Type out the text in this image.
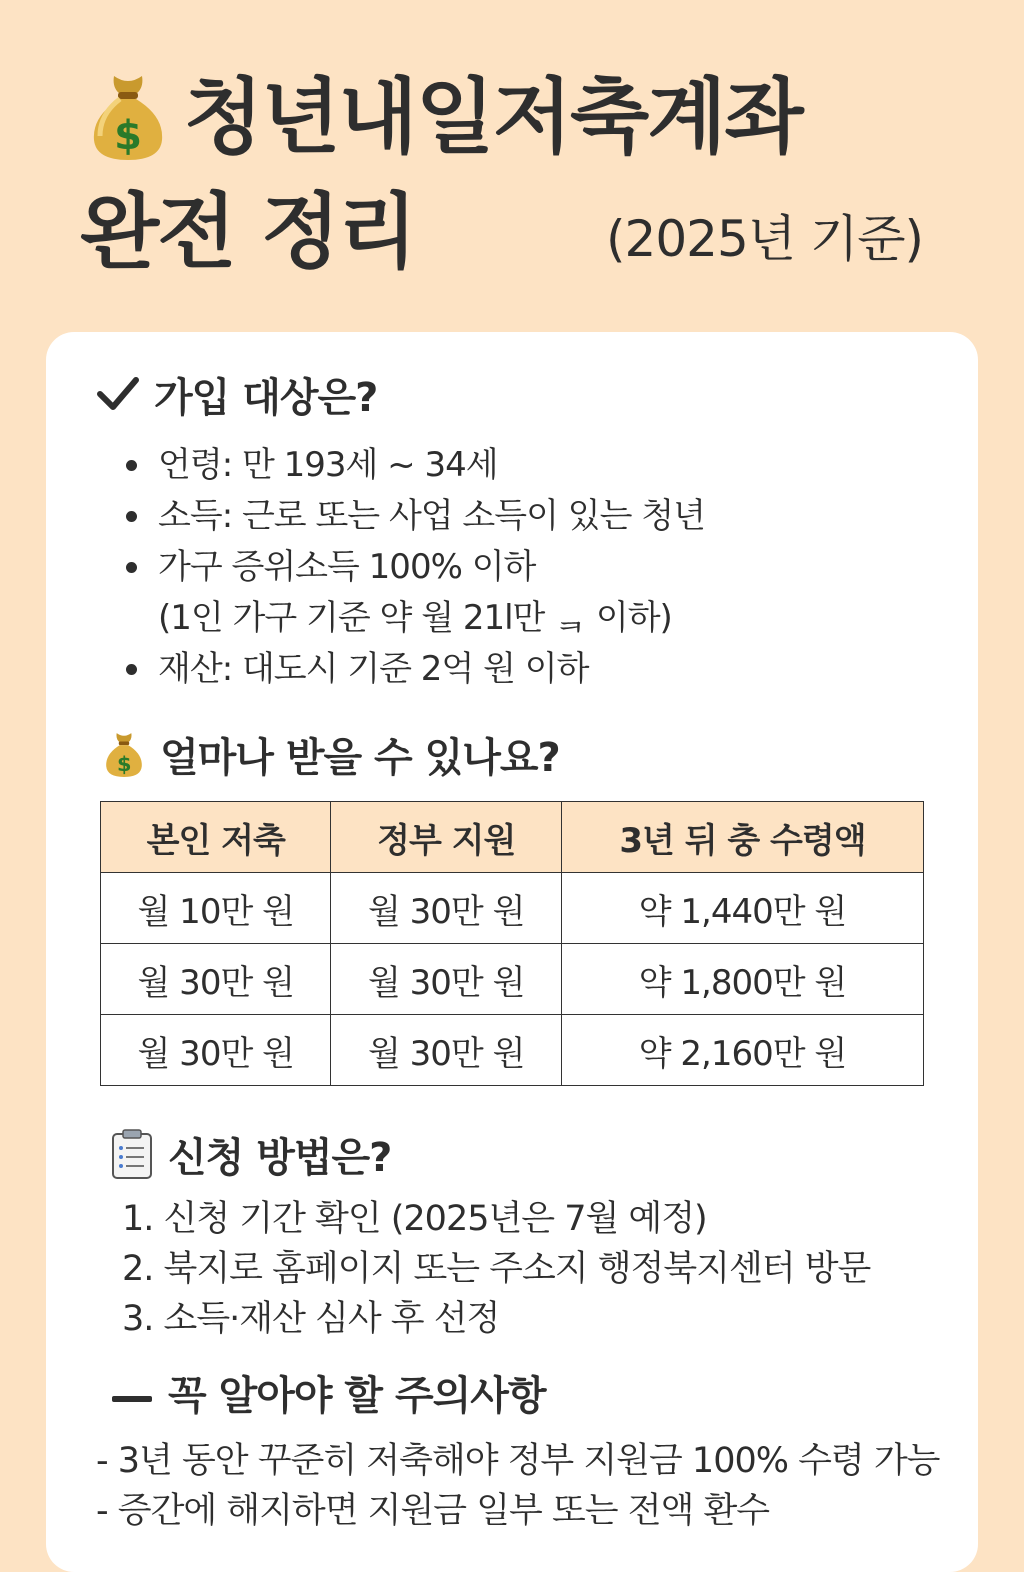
$ 청년내일저축계좌
완전 정리	(2025년 기준)
가입 대상은?
언령: 만 193세 ~ 34세
소득: 근로 또는 사업 소득이 있는 청년
가구 증위소득 100% 이하
(1인 가구 기준 약 월 21l만 ᆿ 이하)
재산: 대도시 기준 2억 원 이하
$ 얼마나 받을 수 있나요?
본인 저축	정부 지원	3년 뒤 충 수령액
월 10만 원	월 30만 원	약 1,440만 원
월 30만 원	월 30만 원	약 1,800만 원
월 30만 원	월 30만 원	약 2,160만 원
신청 방법은?
1. 신청 기간 확인 (2025년은 7월 예정)
2. 북지로 홈페이지 또는 주소지 행정북지센터 방문
3. 소득·재산 심사 후 선정
꼭 알아야 할 주의사항
- 3년 동안 꾸준히 저축해야 정부 지원금 100% 수령 가능
- 증간에 해지하면 지원금 일부 또는 전액 환수
